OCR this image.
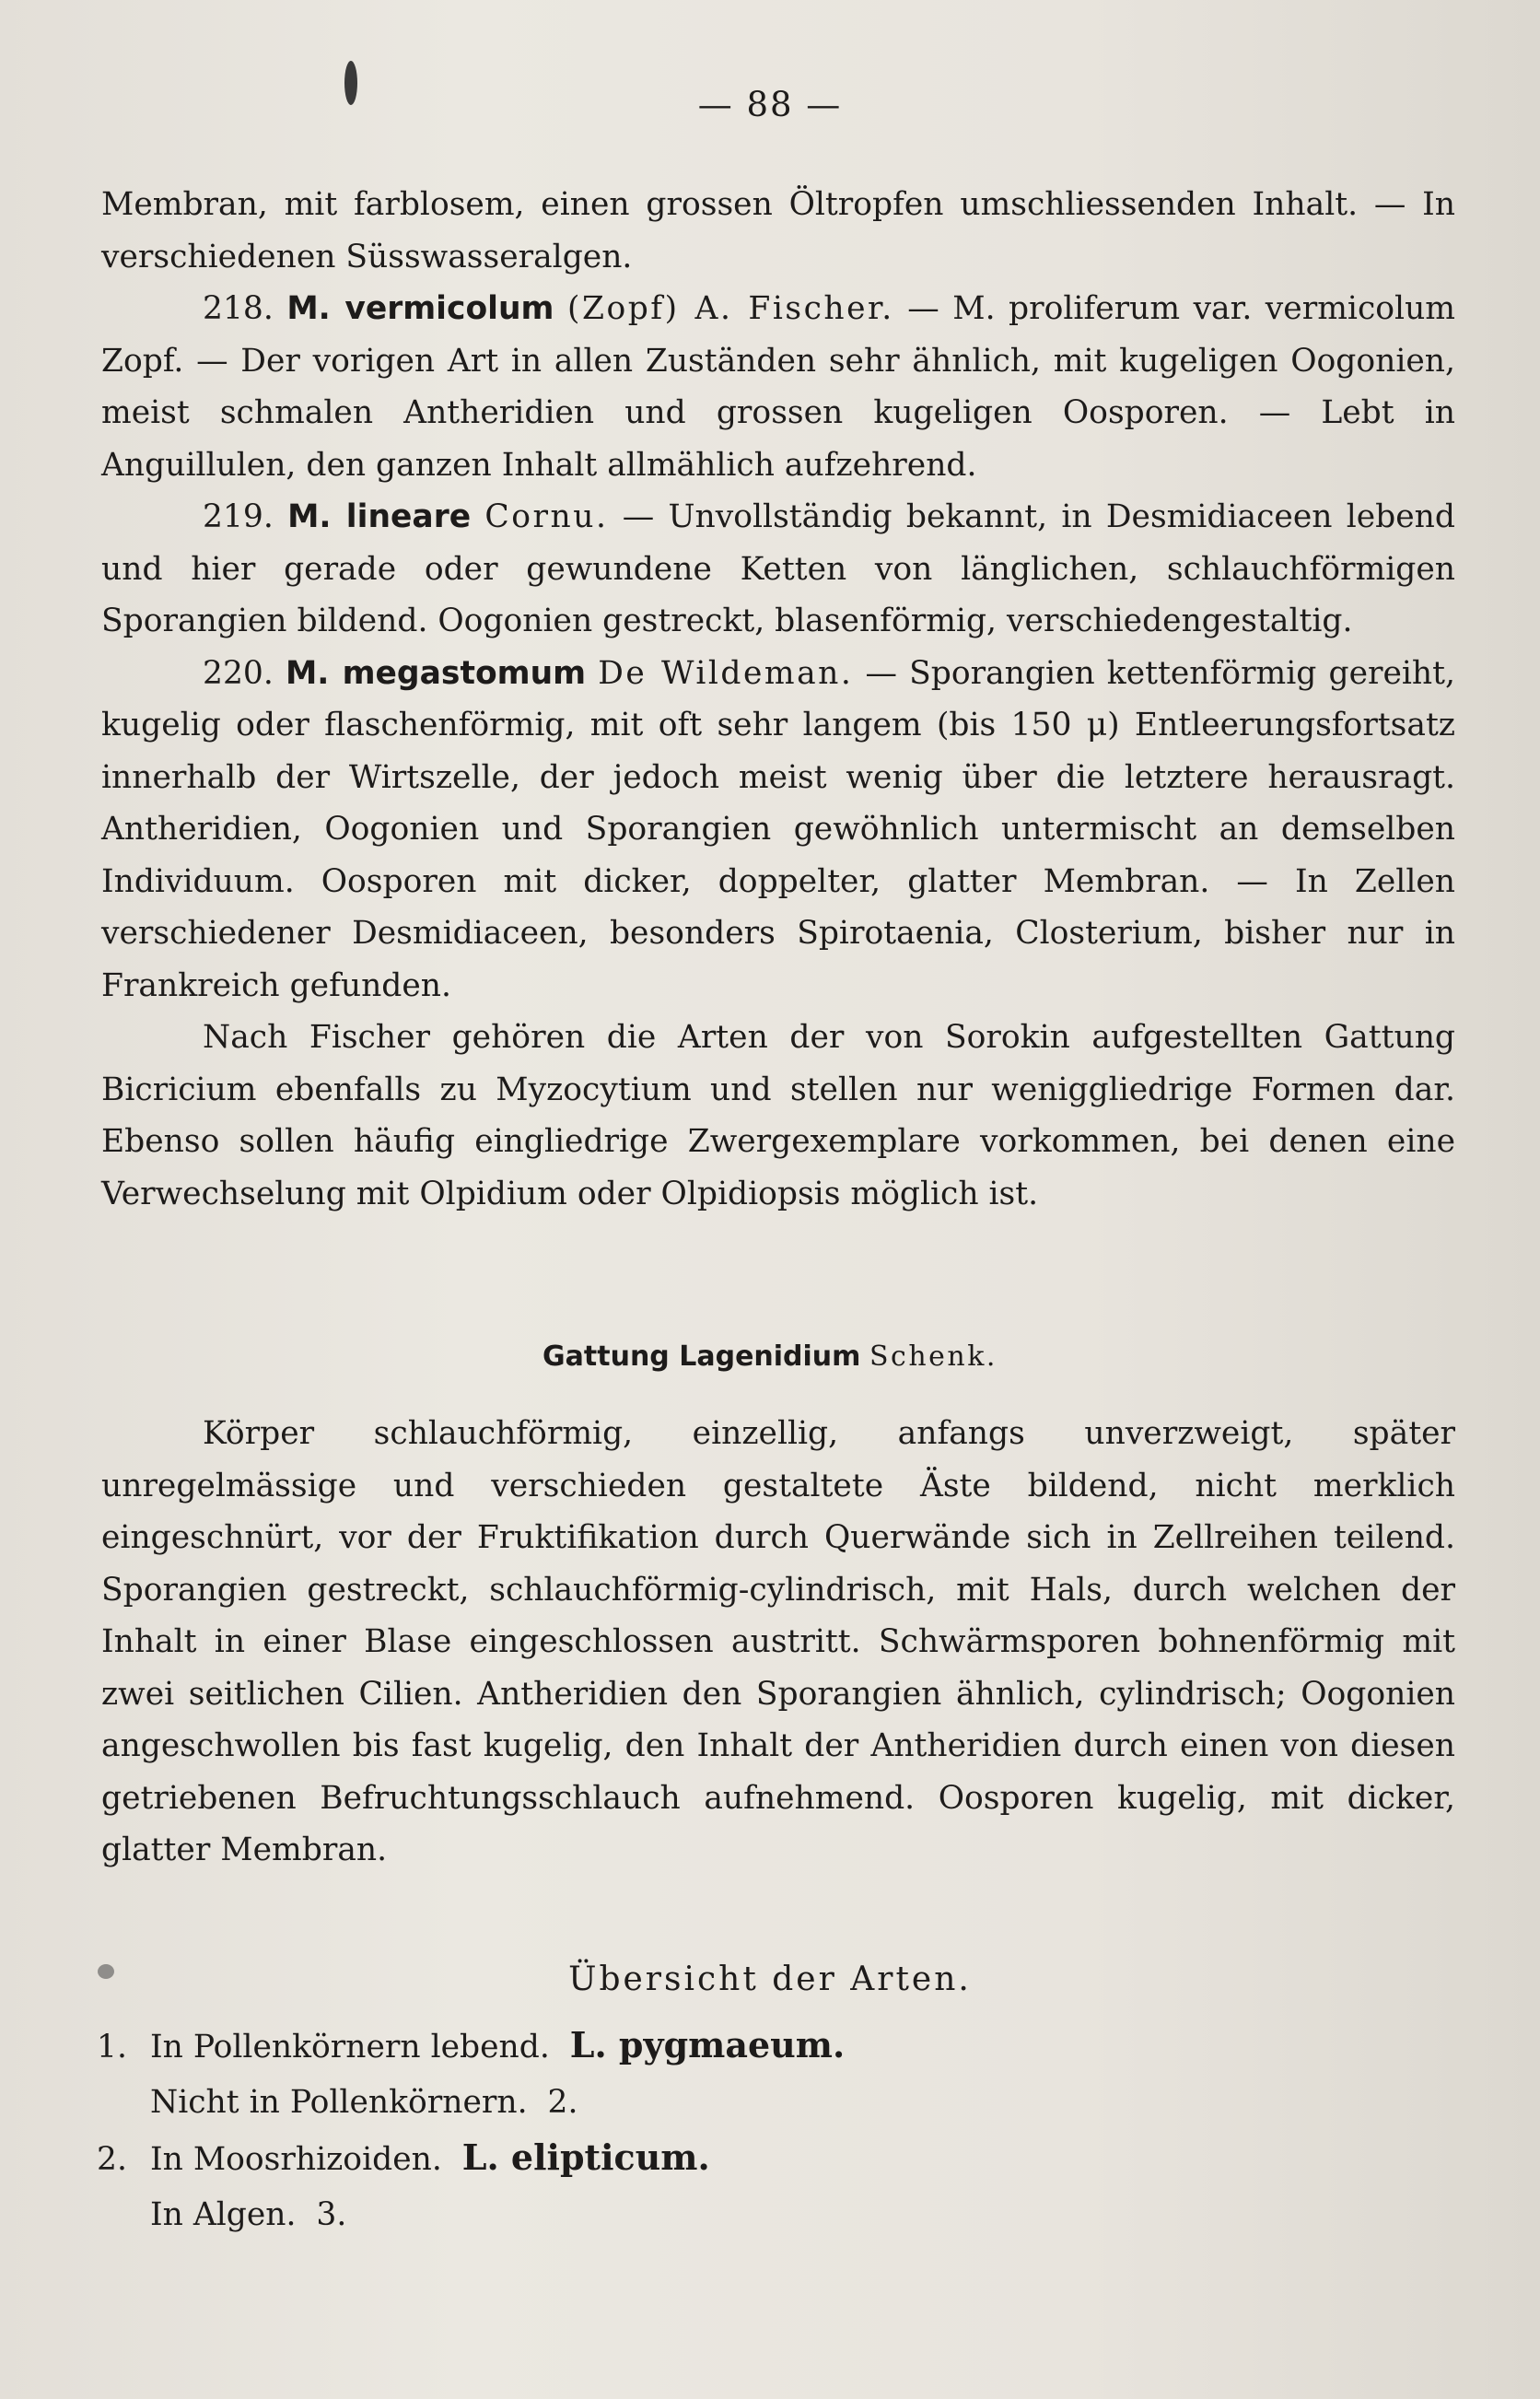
— 88 —

Membran, mit farblosem, einen grossen Öltropfen umschliessenden Inhalt. — In verschiedenen Süsswasseralgen.

218. M. vermicolum (Zopf) A. Fischer. — M. proliferum var. vermicolum Zopf. — Der vorigen Art in allen Zuständen sehr ähnlich, mit kugeligen Oogonien, meist schmalen Antheridien und grossen kugeligen Oosporen. — Lebt in Anguillulen, den ganzen Inhalt allmählich aufzehrend.

219. M. lineare Cornu. — Unvollständig bekannt, in Desmidiaceen lebend und hier gerade oder gewundene Ketten von länglichen, schlauchförmigen Sporangien bildend. Oogonien gestreckt, blasenförmig, verschiedengestaltig.

220. M. megastomum De Wildeman. — Sporangien kettenförmig gereiht, kugelig oder flaschenförmig, mit oft sehr langem (bis 150 μ) Entleerungsfortsatz innerhalb der Wirtszelle, der jedoch meist wenig über die letztere herausragt. Antheridien, Oogonien und Sporangien gewöhnlich untermischt an demselben Individuum. Oosporen mit dicker, doppelter, glatter Membran. — In Zellen verschiedener Desmidiaceen, besonders Spirotaenia, Closterium, bisher nur in Frankreich gefunden.

Nach Fischer gehören die Arten der von Sorokin aufgestellten Gattung Bicricium ebenfalls zu Myzocytium und stellen nur weniggliedrige Formen dar. Ebenso sollen häufig eingliedrige Zwergexemplare vorkommen, bei denen eine Verwechselung mit Olpidium oder Olpidiopsis möglich ist.

Gattung Lagenidium Schenk.

Körper schlauchförmig, einzellig, anfangs unverzweigt, später unregelmässige und verschieden gestaltete Äste bildend, nicht merklich eingeschnürt, vor der Fruktifikation durch Querwände sich in Zellreihen teilend. Sporangien gestreckt, schlauchförmig-cylindrisch, mit Hals, durch welchen der Inhalt in einer Blase eingeschlossen austritt. Schwärmsporen bohnenförmig mit zwei seitlichen Cilien. Antheridien den Sporangien ähnlich, cylindrisch; Oogonien angeschwollen bis fast kugelig, den Inhalt der Antheridien durch einen von diesen getriebenen Befruchtungsschlauch aufnehmend. Oosporen kugelig, mit dicker, glatter Membran.

Übersicht der Arten.
1. In Pollenkörnern lebend. L. pygmaeum.
Nicht in Pollenkörnern. 2.
2. In Moosrhizoiden. L. elipticum.
In Algen. 3.
